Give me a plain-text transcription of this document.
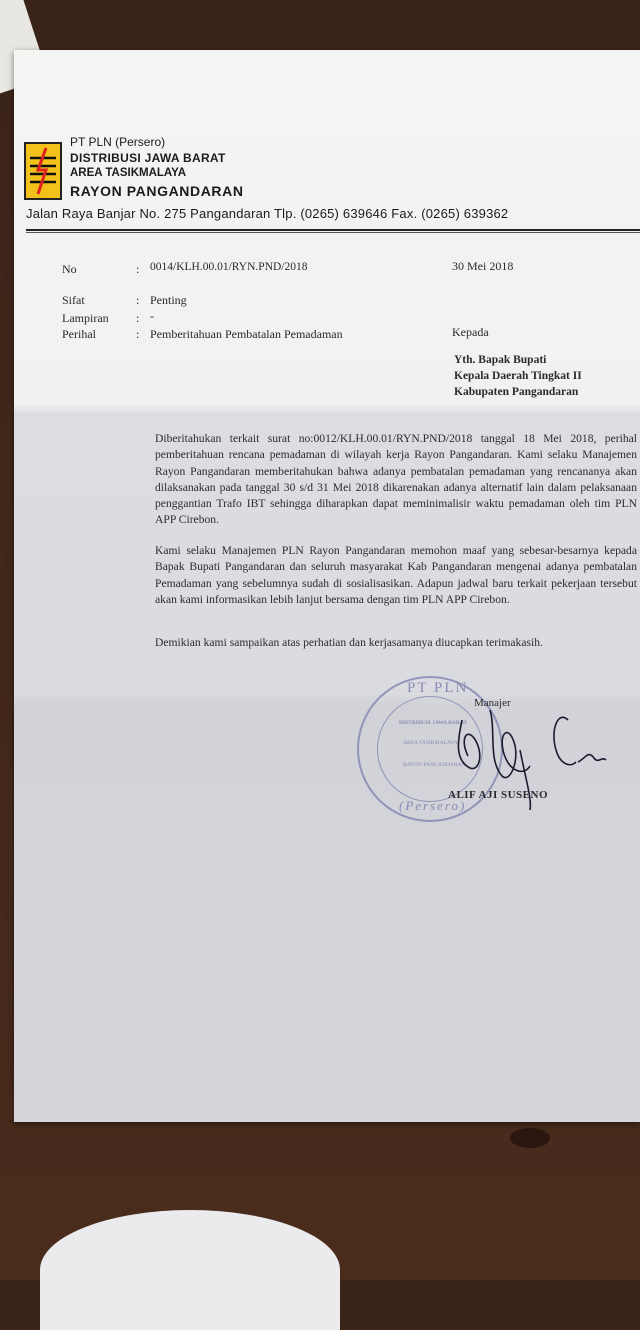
PT PLN (Persero)
DISTRIBUSI JAWA BARAT
AREA TASIKMALAYA
RAYON PANGANDARAN
Jalan Raya Banjar No. 275 Pangandaran Tlp. (0265) 639646 Fax. (0265) 639362
No	: 0014/KLH.00.01/RYN.PND/2018	30 Mei 2018
Sifat	: Penting
Lampiran : -
Perihal	: Pemberitahuan Pembatalan Pemadaman	Kepada
Yth. Bapak Bupati
Kepala Daerah Tingkat II
Kabupaten Pangandaran
Diberitahukan terkait surat no:0012/KLH.00.01/RYN.PND/2018 tanggal 18 Mei 2018, perihal pemberitahuan rencana pemadaman di wilayah kerja Rayon Pangandaran. Kami selaku Manajemen Rayon Pangandaran memberitahukan bahwa adanya pembatalan pemadaman yang rencananya akan dilaksanakan pada tanggal 30 s/d 31 Mei 2018 dikarenakan adanya alternatif lain dalam pelaksanaan penggantian Trafo IBT sehingga diharapkan dapat meminimalisir waktu pemadaman oleh tim PLN APP Cirebon.
Kami selaku Manajemen PLN Rayon Pangandaran memohon maaf yang sebesar-besarnya kepada Bapak Bupati Pangandaran dan seluruh masyarakat Kab Pangandaran mengenai adanya pembatalan Pemadaman yang sebelumnya sudah di sosialisasikan. Adapun jadwal baru terkait pekerjaan tersebut akan kami informasikan lebih lanjut bersama dengan tim PLN APP Cirebon.
Demikian kami sampaikan atas perhatian dan kerjasamanya diucapkan terimakasih.
PT PLN
(Persero)
DISTRIBUSI JAWA BARAT
AREA TASIKMALAYA
RAYON PANGANDARAN
Manajer
ALIF AJI SUSENO
